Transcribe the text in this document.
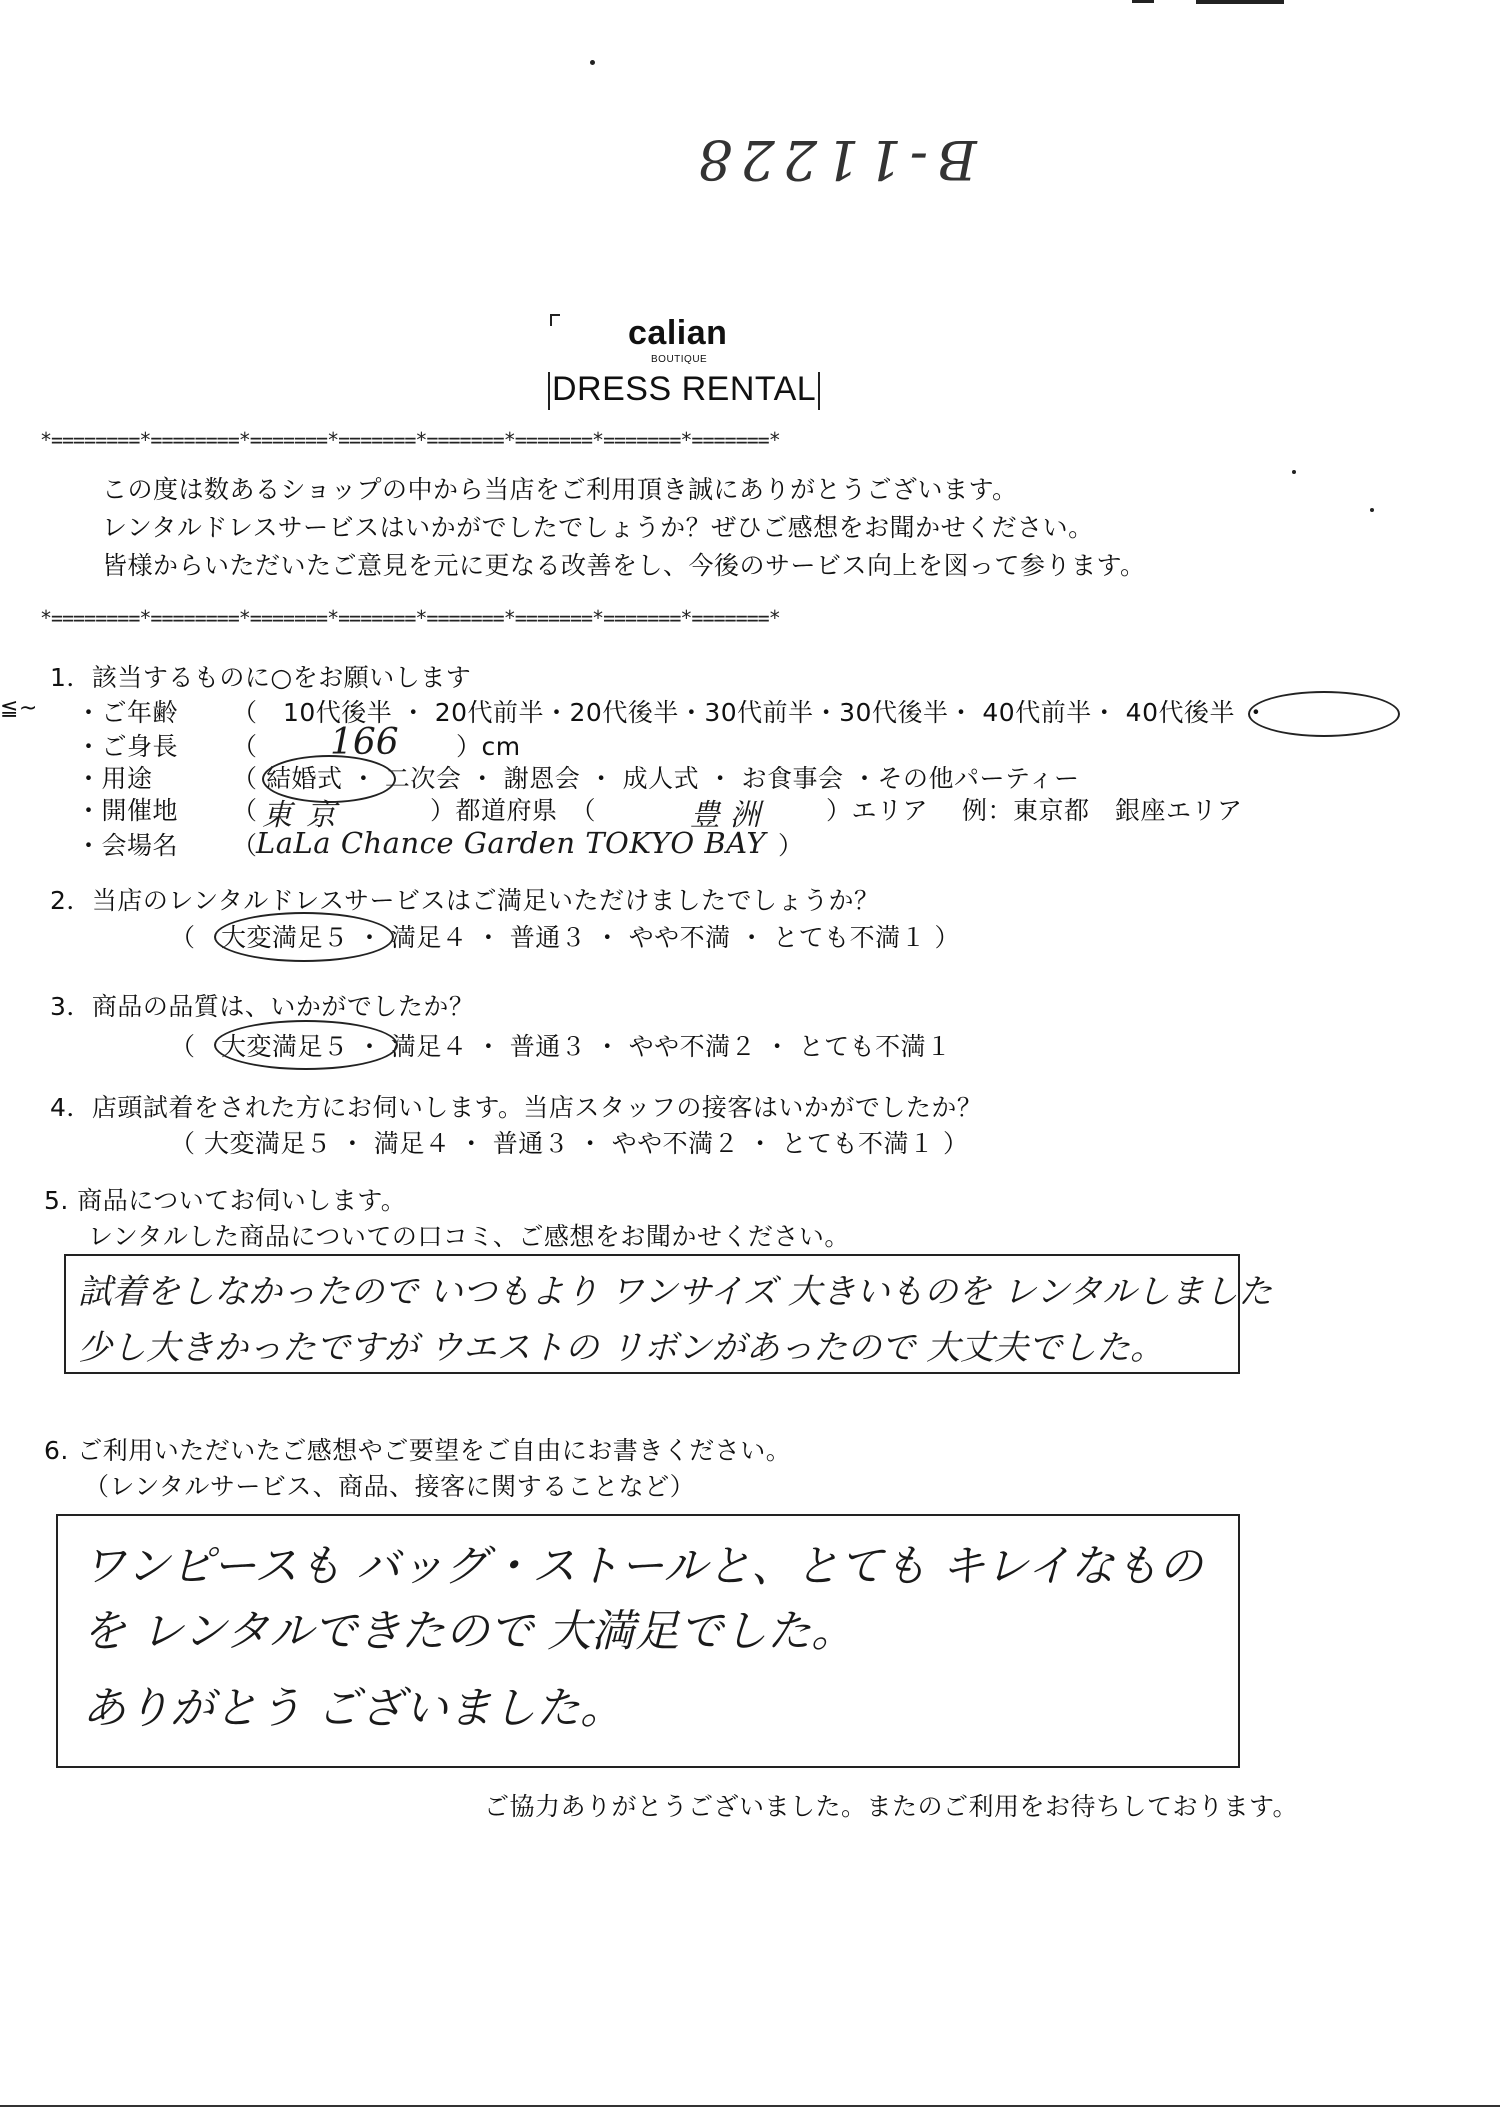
B-11228
calian
BOUTIQUE
DRESS RENTAL
*========*========*=======*=======*=======*=======*=======*=======*
*========*========*=======*=======*=======*=======*=======*=======*
この度は数あるショップの中から当店をご利用頂き誠にありがとうございます。
レンタルドレスサービスはいかがでしたでしょうか？ぜひご感想をお聞かせください。
皆様からいただいたご意見を元に更なる改善をし、今後のサービス向上を図って参ります。
≦~
1．該当するものに○をお願いします
・ご年齢 （　10代後半 ・ 20代前半・20代後半・30代前半・30代後半・ 40代前半・ 40代後半 ・
・ご身長 （ 166 ）cm
・用途	（ 結婚式 ・ 二次会 ・ 謝恩会 ・ 成人式 ・ お食事会 ・その他パーティー
・開催地 （ 東京	）都道府県　（	豊洲 ）エリア　 例：東京都　銀座エリア
・会場名 （
LaLa Chance Garden TOKYO BAY ）
2．当店のレンタルドレスサービスはご満足いただけましたでしょうか？
（　大変満足５ ・ 満足４ ・ 普通３ ・ やや不満 ・ とても不満１ ）
3．商品の品質は、いかがでしたか？
（　大変満足５ ・ 満足４ ・ 普通３ ・ やや不満２ ・ とても不満１
4．店頭試着をされた方にお伺いします。当店スタッフの接客はいかがでしたか？
（ 大変満足５ ・ 満足４ ・ 普通３ ・ やや不満２ ・ とても不満１ ）
5. 商品についてお伺いします。
レンタルした商品についての口コミ、ご感想をお聞かせください。
試着をしなかったので いつもより ワンサイズ 大きいものを レンタルしました
少し大きかったですが ウエストの リボンがあったので 大丈夫でした。
6. ご利用いただいたご感想やご要望をご自由にお書きください。
（レンタルサービス、商品、接客に関することなど）
ワンピースも バッグ・ストールと、とても キレイなもの
を レンタルできたので 大満足でした。
ありがとう ございました。
ご協力ありがとうございました。またのご利用をお待ちしております。
